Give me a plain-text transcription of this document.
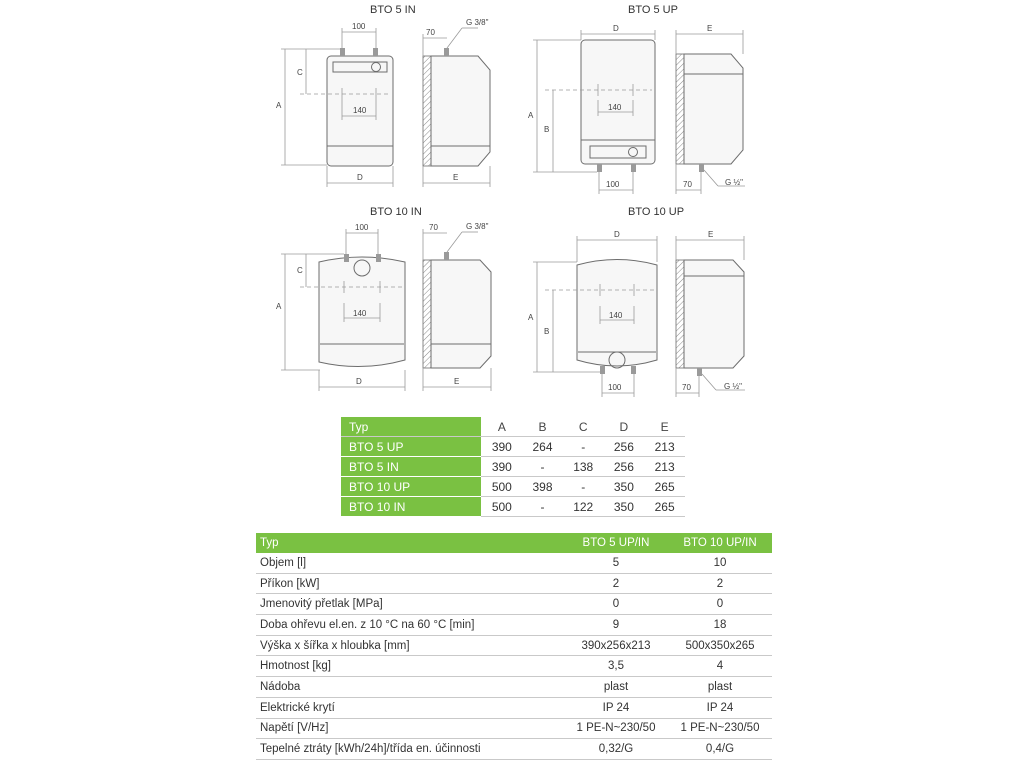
BTO 5 IN
100
140
A
C
D
G 3/8"
70
E
BTO 5 UP
D
140
A
B
100
E
70	G ½"
BTO 10 IN
100
140
A
C
D
G 3/8"
70
E
BTO 10 UP
D
140
A
B
100
E
70	G ½"
Typ	A	B	C	D	E
BTO 5 UP	390	264	-	256	213
BTO 5 IN	390	-	138	256	213
BTO 10 UP	500	398	-	350	265
BTO 10 IN	500	-	122	350	265
Typ	BTO 5 UP/IN	BTO 10 UP/IN
Objem [l]	5	10
Příkon [kW]	2	2
Jmenovitý přetlak [MPa]	0	0
Doba ohřevu el.en. z 10 °C na 60 °C [min]	9	18
Výška x šířka x hloubka [mm]	390x256x213	500x350x265
Hmotnost [kg]	3,5	4
Nádoba	plast	plast
Elektrické krytí	IP 24	IP 24
Napětí [V/Hz]	1 PE-N~230/50	1 PE-N~230/50
Tepelné ztráty [kWh/24h]/třída en. účinnosti	0,32/G	0,4/G
